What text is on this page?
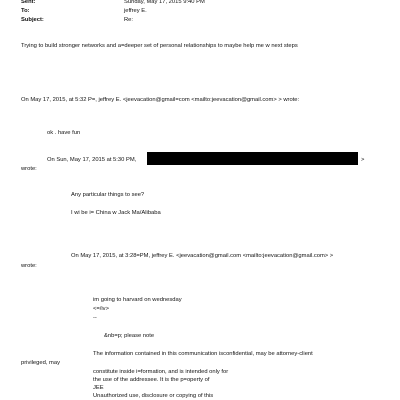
Sent:	Sunday, May 17, 2015 9:40 PM
To:	jeffrey E.
Subject:	Re:
Trying to build stronger networks and a=deeper set of personal relationships to maybe help me w next steps
On May 17, 2015, at 5:32 P=, jeffrey E. <jeevacation@gmail=com <mailto:jeevacation@gmail.com> > wrote:
ok . have fun
On Sun, May 17, 2015 at 5:30 PM,	>
wrote:
Any particular things to see?
I wi be i= China w Jack Ma/Alibaba
On May 17, 2015, at 3:28=PM, jeffrey E. <jeevacation@gmail.com <mailto:jeevacation@gmail.com> >
wrote:
im going to harvard on wednesday
<=/iv>
--
&nb=p; please note
The information contained in this communication isconfidential, may be attorney-client
privileged, may
constitute inside i=formation, and is intended only for
the use of the addressee. It is the p=operty of
JEE
Unauthorized use, disclosure or copying of this
